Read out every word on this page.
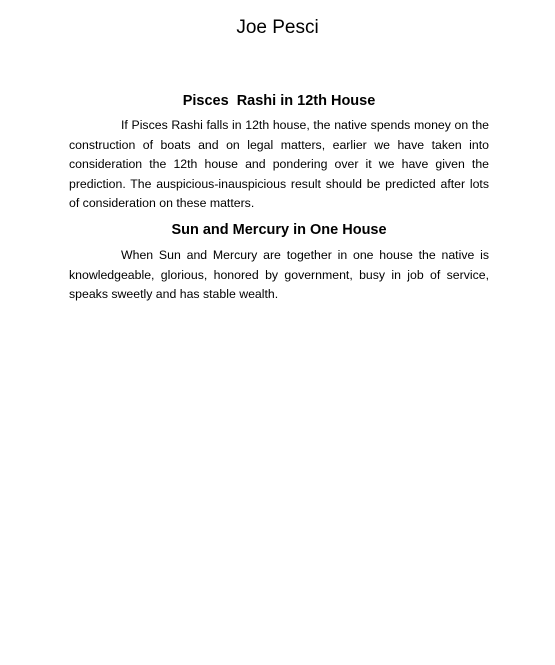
Joe Pesci
Pisces  Rashi in 12th House

If Pisces Rashi falls in 12th house, the native spends money on the construction of boats and on legal matters, earlier we have taken into consideration the 12th house and pondering over it we have given the prediction. The auspicious-inauspicious result should be predicted after lots of consideration on these matters.

Sun and Mercury in One House

When Sun and Mercury are together in one house the native is knowledgeable, glorious, honored by government, busy in job of service, speaks sweetly and has stable wealth.
